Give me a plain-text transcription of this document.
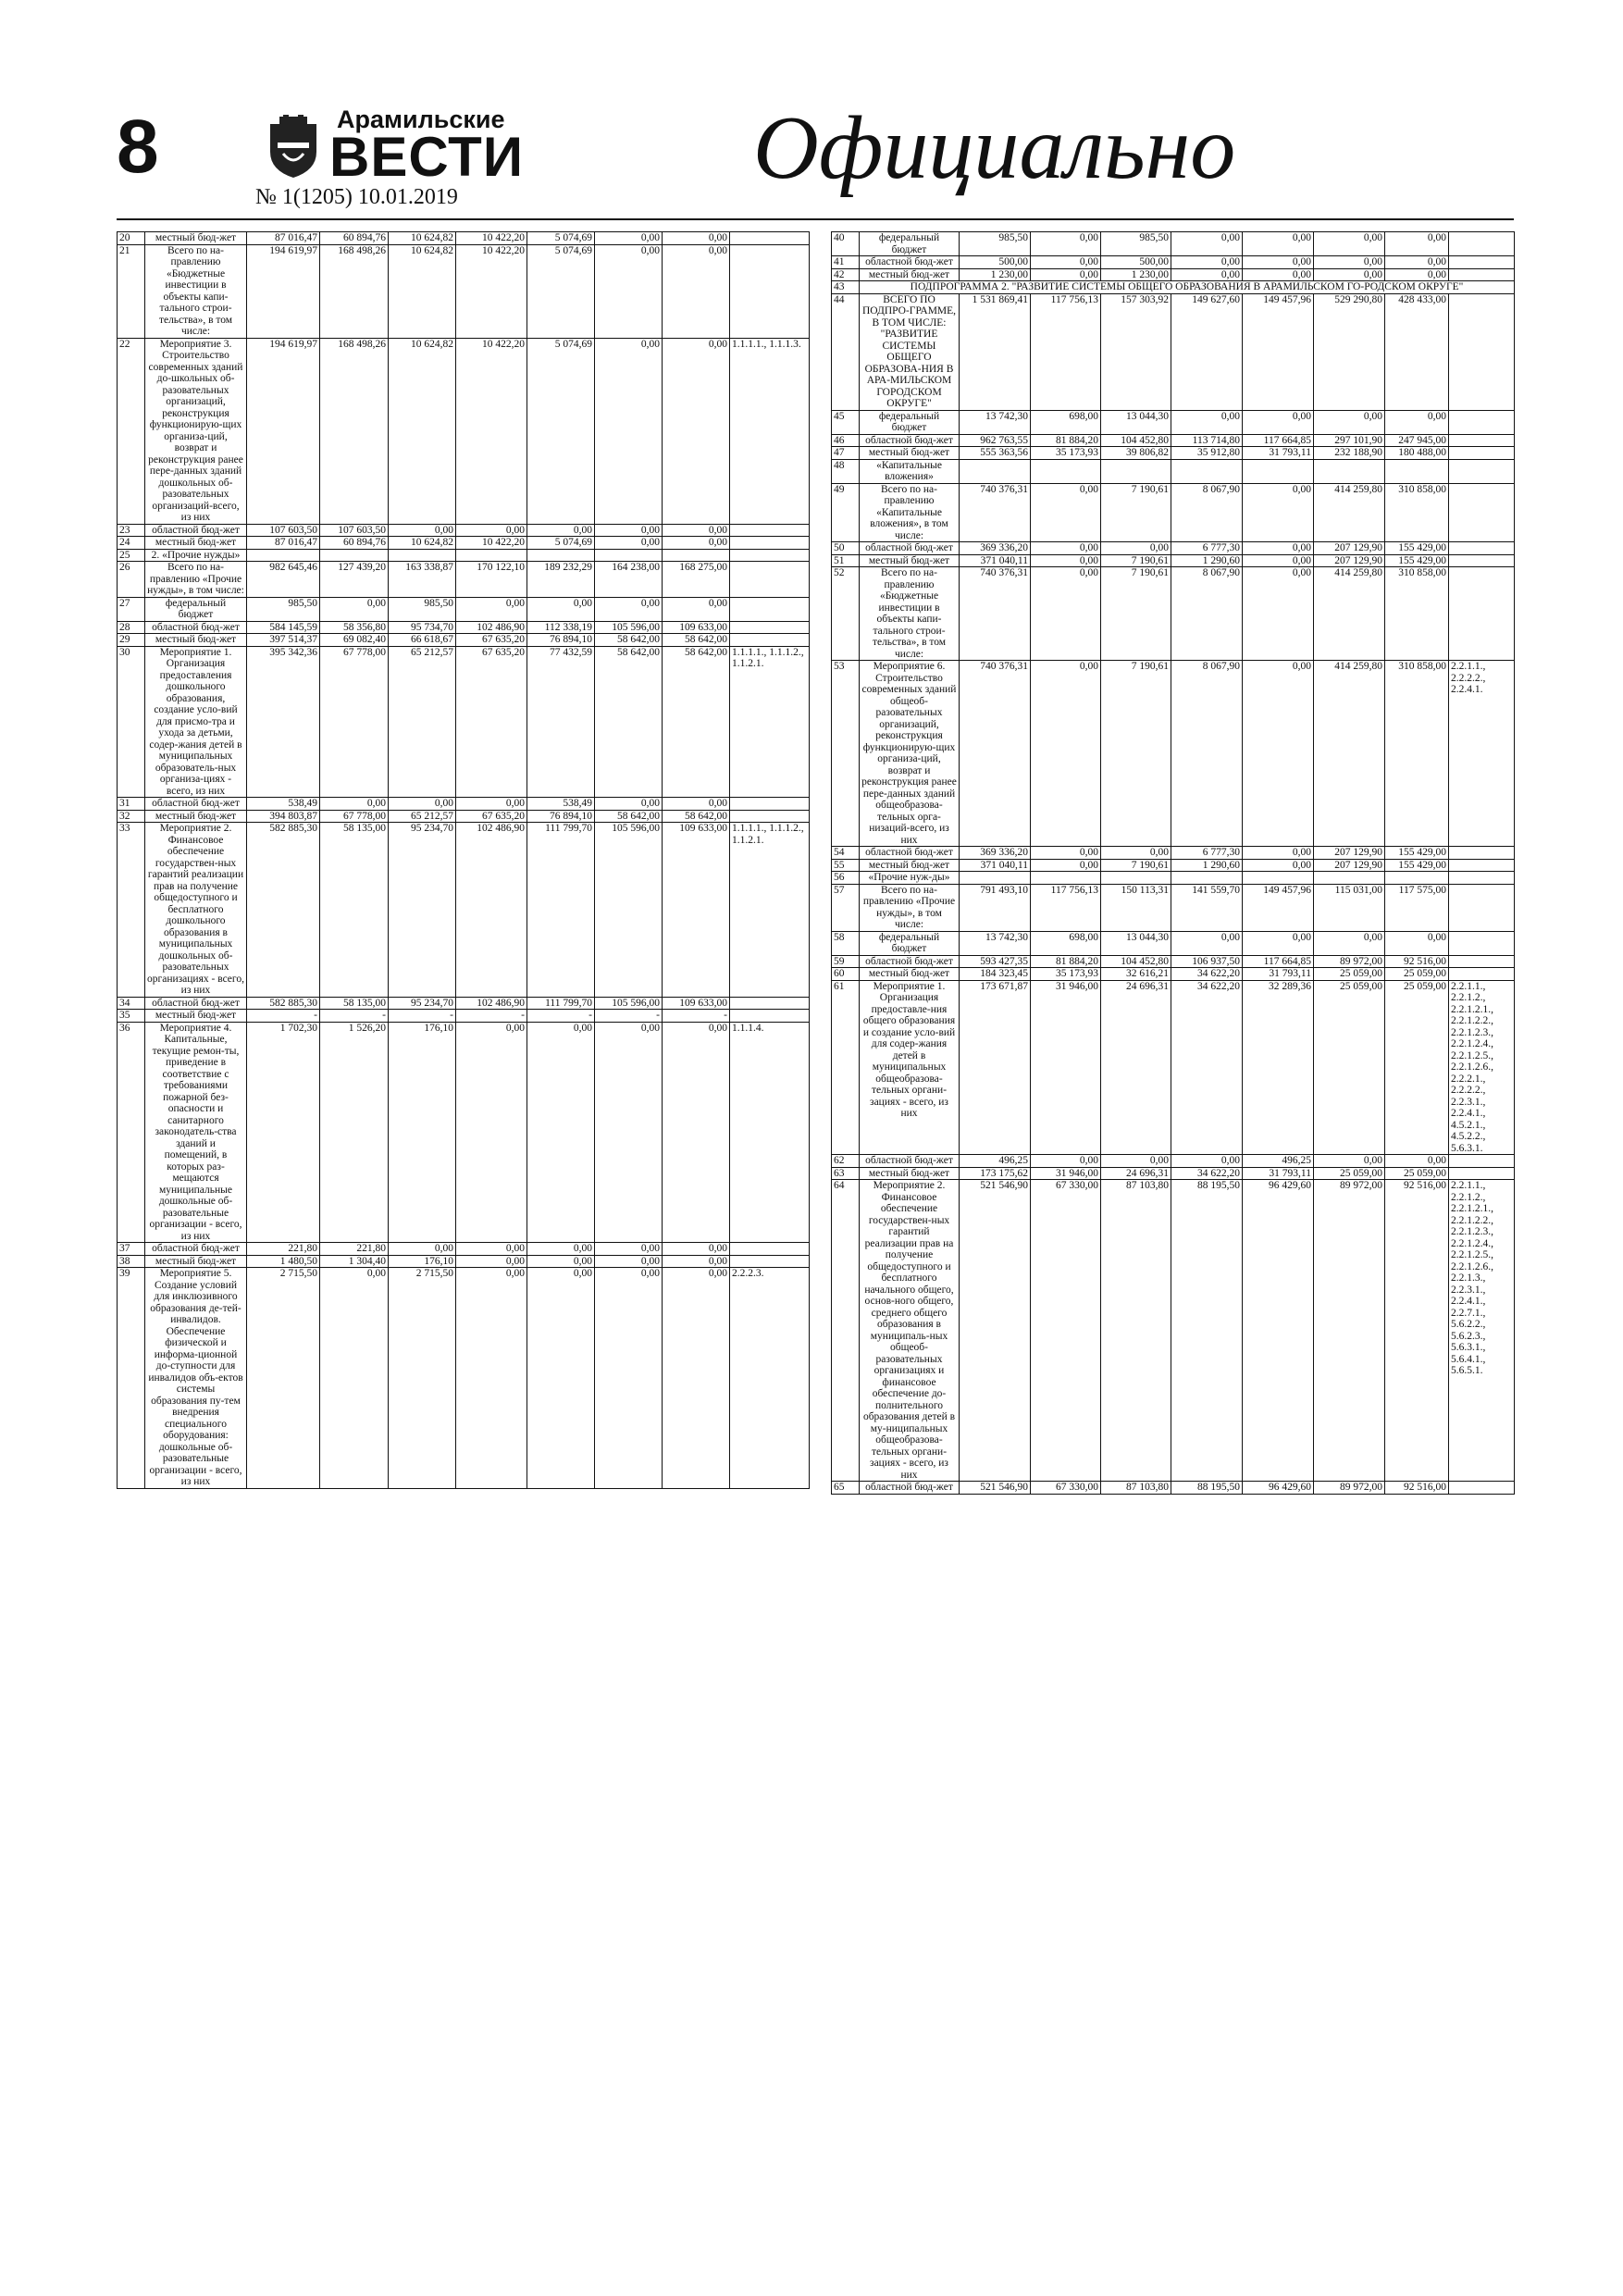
8	Арамильские
ВЕСТИ
№ 1(1205) 10.01.2019	Официально
20	местный бюд-жет	87 016,47	60 894,76	10 624,82	10 422,20	5 074,69	0,00	0,00	
21	Всего по на-правлению «Бюджетные инвестиции в объекты капи-тального строи-тельства», в том числе:	194 619,97	168 498,26	10 624,82	10 422,20	5 074,69	0,00	0,00	
22	Мероприятие 3. Строительство современных зданий до-школьных об-разовательных организаций, реконструкция функционирую-щих организа-ций, возврат и реконструкция ранее пере-данных зданий дошкольных об-разовательных организаций-всего, из них	194 619,97	168 498,26	10 624,82	10 422,20	5 074,69	0,00	0,00	1.1.1.1., 1.1.1.3.
23	областной бюд-жет	107 603,50	107 603,50	0,00	0,00	0,00	0,00	0,00	
24	местный бюд-жет	87 016,47	60 894,76	10 624,82	10 422,20	5 074,69	0,00	0,00	
25	2. «Прочие нужды»								
26	Всего по на-правлению «Прочие нужды», в том числе:	982 645,46	127 439,20	163 338,87	170 122,10	189 232,29	164 238,00	168 275,00	
27	федеральный бюджет	985,50	0,00	985,50	0,00	0,00	0,00	0,00	
28	областной бюд-жет	584 145,59	58 356,80	95 734,70	102 486,90	112 338,19	105 596,00	109 633,00	
29	местный бюд-жет	397 514,37	69 082,40	66 618,67	67 635,20	76 894,10	58 642,00	58 642,00	
30	Мероприятие 1. Организация предоставления дошкольного образования, создание усло-вий для присмо-тра и ухода за детьми, содер-жания детей в муниципальных образователь-ных организа-циях - всего, из них	395 342,36	67 778,00	65 212,57	67 635,20	77 432,59	58 642,00	58 642,00	1.1.1.1., 1.1.1.2., 1.1.2.1.
31	областной бюд-жет	538,49	0,00	0,00	0,00	538,49	0,00	0,00	
32	местный бюд-жет	394 803,87	67 778,00	65 212,57	67 635,20	76 894,10	58 642,00	58 642,00	
33	Мероприятие 2. Финансовое обеспечение государствен-ных гарантий реализации прав на получение общедоступного и бесплатного дошкольного образования в муниципальных дошкольных об-разовательных организациях - всего, из них	582 885,30	58 135,00	95 234,70	102 486,90	111 799,70	105 596,00	109 633,00	1.1.1.1., 1.1.1.2., 1.1.2.1.
34	областной бюд-жет	582 885,30	58 135,00	95 234,70	102 486,90	111 799,70	105 596,00	109 633,00	
35	местный бюд-жет	-	-	-	-	-	-	-	
36	Мероприятие 4. Капитальные, текущие ремон-ты, приведение в соответствие с требованиями пожарной без-опасности и санитарного законодатель-ства зданий и помещений, в которых раз-мещаются муниципальные дошкольные об-разовательные организации - всего, из них	1 702,30	1 526,20	176,10	0,00	0,00	0,00	0,00	1.1.1.4.
37	областной бюд-жет	221,80	221,80	0,00	0,00	0,00	0,00	0,00	
38	местный бюд-жет	1 480,50	1 304,40	176,10	0,00	0,00	0,00	0,00	
39	Мероприятие 5. Создание условий для инклюзивного образования де-тей-инвалидов. Обеспечение физической и информа-ционной до-ступности для инвалидов объ-ектов системы образования пу-тем внедрения специального оборудования: дошкольные об-разовательные организации - всего, из них	2 715,50	0,00	2 715,50	0,00	0,00	0,00	0,00	2.2.2.3.
40	федеральный бюджет	985,50	0,00	985,50	0,00	0,00	0,00	0,00	
41	областной бюд-жет	500,00	0,00	500,00	0,00	0,00	0,00	0,00	
42	местный бюд-жет	1 230,00	0,00	1 230,00	0,00	0,00	0,00	0,00	
43	ПОДПРОГРАММА 2. "РАЗВИТИЕ СИСТЕМЫ ОБЩЕГО ОБРАЗОВАНИЯ В АРАМИЛЬСКОМ ГО-РОДСКОМ ОКРУГЕ"								
44	ВСЕГО ПО ПОДПРО-ГРАММЕ, В ТОМ ЧИСЛЕ: "РАЗВИТИЕ СИСТЕМЫ ОБЩЕГО ОБРАЗОВА-НИЯ В АРА-МИЛЬСКОМ ГОРОДСКОМ ОКРУГЕ"	1 531 869,41	117 756,13	157 303,92	149 627,60	149 457,96	529 290,80	428 433,00	
45	федеральный бюджет	13 742,30	698,00	13 044,30	0,00	0,00	0,00	0,00	
46	областной бюд-жет	962 763,55	81 884,20	104 452,80	113 714,80	117 664,85	297 101,90	247 945,00	
47	местный бюд-жет	555 363,56	35 173,93	39 806,82	35 912,80	31 793,11	232 188,90	180 488,00	
48	«Капитальные вложения»								
49	Всего по на-правлению «Капитальные вложения», в том числе:	740 376,31	0,00	7 190,61	8 067,90	0,00	414 259,80	310 858,00	
50	областной бюд-жет	369 336,20	0,00	0,00	6 777,30	0,00	207 129,90	155 429,00	
51	местный бюд-жет	371 040,11	0,00	7 190,61	1 290,60	0,00	207 129,90	155 429,00	
52	Всего по на-правлению «Бюджетные инвестиции в объекты капи-тального строи-тельства», в том числе:	740 376,31	0,00	7 190,61	8 067,90	0,00	414 259,80	310 858,00	
53	Мероприятие 6. Строительство современных зданий общеоб-разовательных организаций, реконструкция функционирую-щих организа-ций, возврат и реконструкция ранее пере-данных зданий общеобразова-тельных орга-низаций-всего, из них	740 376,31	0,00	7 190,61	8 067,90	0,00	414 259,80	310 858,00	2.2.1.1., 2.2.2.2., 2.2.4.1.
54	областной бюд-жет	369 336,20	0,00	0,00	6 777,30	0,00	207 129,90	155 429,00	
55	местный бюд-жет	371 040,11	0,00	7 190,61	1 290,60	0,00	207 129,90	155 429,00	
56	«Прочие нуж-ды»								
57	Всего по на-правлению «Прочие нужды», в том числе:	791 493,10	117 756,13	150 113,31	141 559,70	149 457,96	115 031,00	117 575,00	
58	федеральный бюджет	13 742,30	698,00	13 044,30	0,00	0,00	0,00	0,00	
59	областной бюд-жет	593 427,35	81 884,20	104 452,80	106 937,50	117 664,85	89 972,00	92 516,00	
60	местный бюд-жет	184 323,45	35 173,93	32 616,21	34 622,20	31 793,11	25 059,00	25 059,00	
61	Мероприятие 1. Организация предоставле-ния общего образования и создание усло-вий для содер-жания детей в муниципальных общеобразова-тельных органи-зациях - всего, из них	173 671,87	31 946,00	24 696,31	34 622,20	32 289,36	25 059,00	25 059,00	2.2.1.1., 2.2.1.2., 2.2.1.2.1., 2.2.1.2.2., 2.2.1.2.3., 2.2.1.2.4., 2.2.1.2.5., 2.2.1.2.6., 2.2.2.1., 2.2.2.2., 2.2.3.1., 2.2.4.1., 4.5.2.1., 4.5.2.2., 5.6.3.1.
62	областной бюд-жет	496,25	0,00	0,00	0,00	496,25	0,00	0,00	
63	местный бюд-жет	173 175,62	31 946,00	24 696,31	34 622,20	31 793,11	25 059,00	25 059,00	
64	Мероприятие 2. Финансовое обеспечение государствен-ных гарантий реализации прав на получение общедоступного и бесплатного начального общего, основ-ного общего, среднего общего образования в муниципаль-ных общеоб-разовательных организациях и финансовое обеспечение до-полнительного образования детей в му-ниципальных общеобразова-тельных органи-зациях - всего, из них	521 546,90	67 330,00	87 103,80	88 195,50	96 429,60	89 972,00	92 516,00	2.2.1.1., 2.2.1.2., 2.2.1.2.1., 2.2.1.2.2., 2.2.1.2.3., 2.2.1.2.4., 2.2.1.2.5., 2.2.1.2.6., 2.2.1.3., 2.2.3.1., 2.2.4.1., 2.2.7.1., 5.6.2.2., 5.6.2.3., 5.6.3.1., 5.6.4.1., 5.6.5.1.
65	областной бюд-жет	521 546,90	67 330,00	87 103,80	88 195,50	96 429,60	89 972,00	92 516,00	
